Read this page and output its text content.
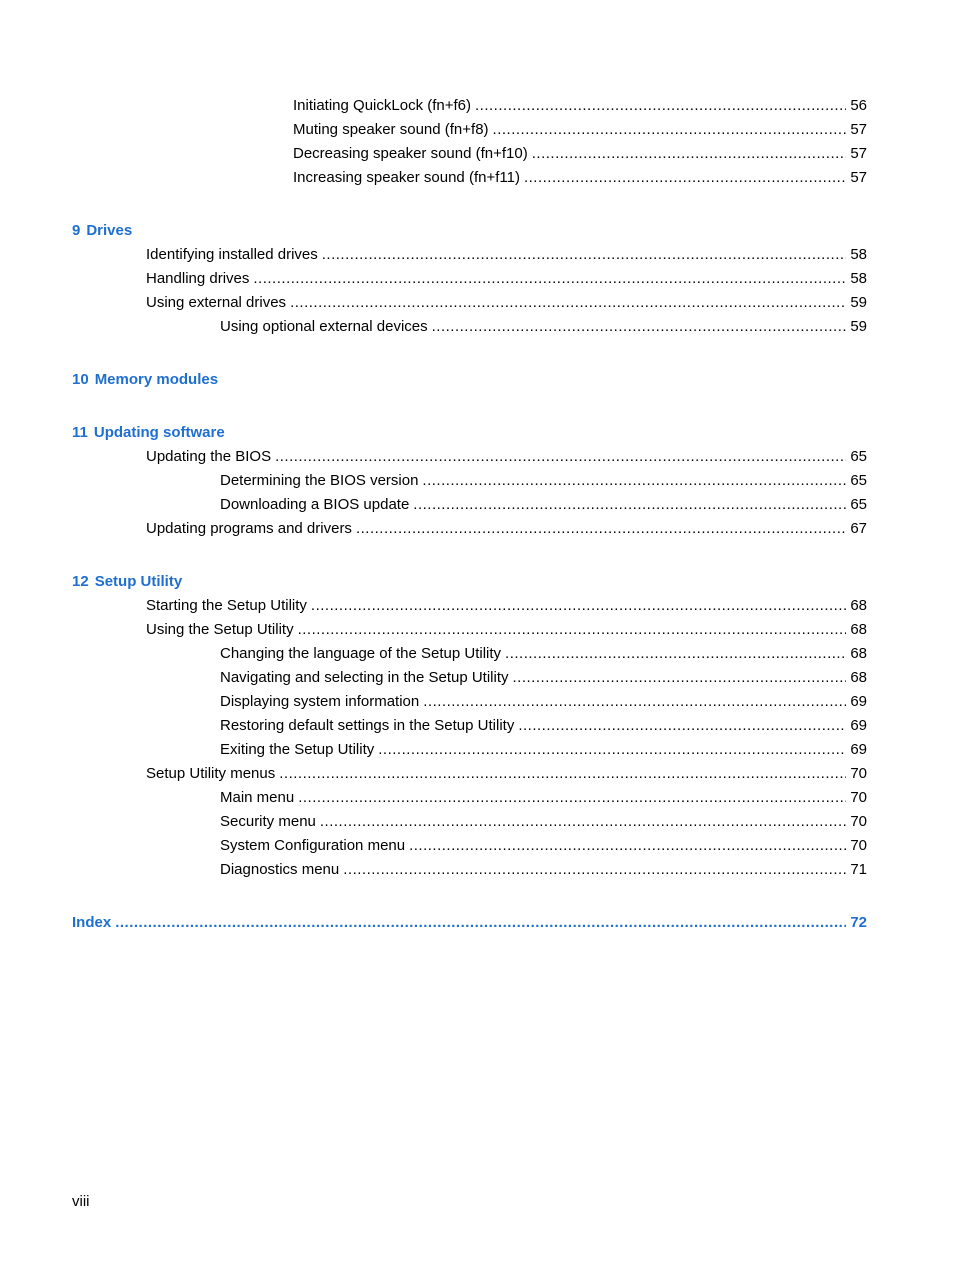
Initiating QuickLock (fn+f6) .....	56
Muting speaker sound (fn+f8) .....	57
Decreasing speaker sound (fn+f10) .....	57
Increasing speaker sound (fn+f11) .....	57
9 Drives
Identifying installed drives .....	58
Handling drives .....	58
Using external drives .....	59
Using optional external devices .....	59
10 Memory modules
11 Updating software
Updating the BIOS .....	65
Determining the BIOS version .....	65
Downloading a BIOS update .....	65
Updating programs and drivers .....	67
12 Setup Utility
Starting the Setup Utility .....	68
Using the Setup Utility .....	68
Changing the language of the Setup Utility .....	68
Navigating and selecting in the Setup Utility .....	68
Displaying system information .....	69
Restoring default settings in the Setup Utility .....	69
Exiting the Setup Utility .....	69
Setup Utility menus .....	70
Main menu .....	70
Security menu .....	70
System Configuration menu .....	70
Diagnostics menu .....	71
Index .....	72
viii
